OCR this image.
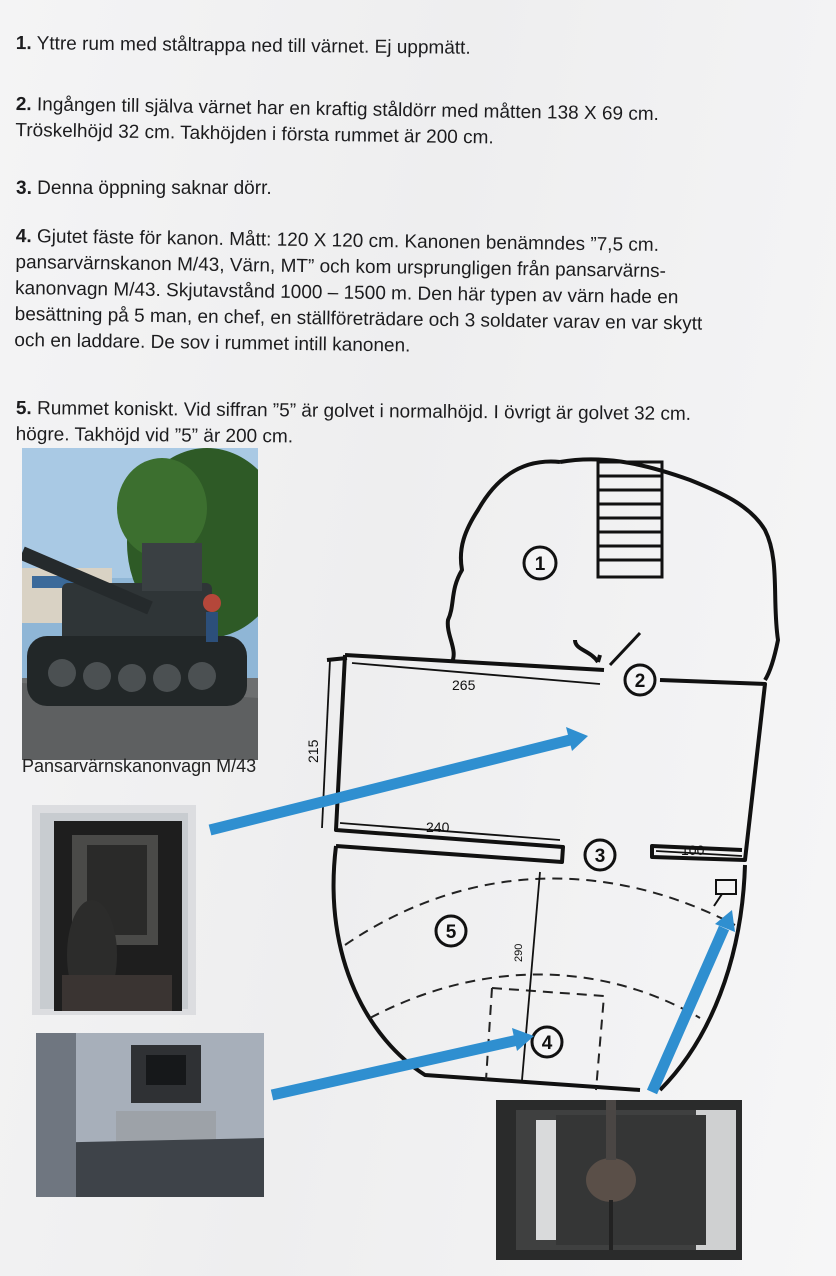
1. Yttre rum med ståltrappa ned till värnet. Ej uppmätt.
2. Ingången till själva värnet har en kraftig ståldörr med måtten 138 X 69 cm.
Tröskelhöjd 32 cm. Takhöjden i första rummet är 200 cm.
3. Denna öppning saknar dörr.
4. Gjutet fäste för kanon. Mått: 120 X 120 cm. Kanonen benämndes ”7,5 cm.
pansarvärnskanon M/43, Värn, MT” och kom ursprungligen från pansarvärns-
kanonvagn M/43. Skjutavstånd 1000 – 1500 m. Den här typen av värn hade en
besättning på 5 man, en chef, en ställföreträdare och 3 soldater varav en var skytt
och en laddare. De sov i rummet intill kanonen.
5. Rummet koniskt. Vid siffran ”5” är golvet i normalhöjd. I övrigt är golvet 32 cm.
högre. Takhöjd vid ”5” är 200 cm.
Pansarvärnskanonvagn M/43
1
2
3
4
5
265
215
240
100
290
